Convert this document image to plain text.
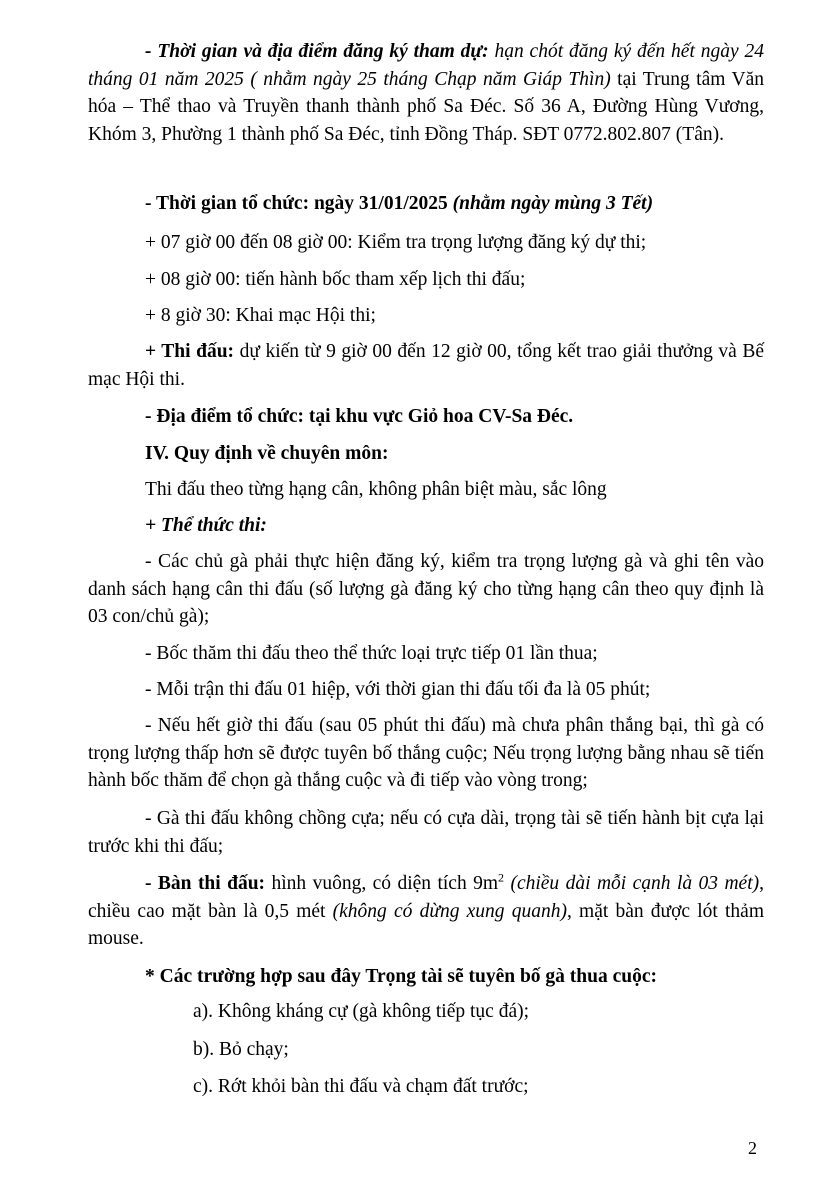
- Thời gian và địa điểm đăng ký tham dự: hạn chót đăng ký đến hết ngày 24 tháng 01 năm 2025 ( nhằm ngày 25 tháng Chạp năm Giáp Thìn) tại Trung tâm Văn hóa – Thể thao và Truyền thanh thành phố Sa Đéc. Số 36 A, Đường Hùng Vương, Khóm 3, Phường 1 thành phố Sa Đéc, tỉnh Đồng Tháp. SĐT 0772.802.807 (Tân).

- Thời gian tổ chức: ngày 31/01/2025 (nhằm ngày mùng 3 Tết)

+ 07 giờ 00 đến 08 giờ 00: Kiểm tra trọng lượng đăng ký dự thi;

+ 08 giờ 00: tiến hành bốc tham xếp lịch thi đấu;

+ 8 giờ 30: Khai mạc Hội thi;

+ Thi đấu: dự kiến từ 9 giờ 00 đến 12 giờ 00, tổng kết trao giải thưởng và Bế mạc Hội thi.

- Địa điểm tổ chức: tại khu vực Giỏ hoa CV-Sa Đéc.

IV. Quy định về chuyên môn:

Thi đấu theo từng hạng cân, không phân biệt màu, sắc lông

+ Thể thức thi:

- Các chủ gà phải thực hiện đăng ký, kiểm tra trọng lượng gà và ghi tên vào danh sách hạng cân thi đấu (số lượng gà đăng ký cho từng hạng cân theo quy định là 03 con/chủ gà);

- Bốc thăm thi đấu theo thể thức loại trực tiếp 01 lần thua;

- Mỗi trận thi đấu 01 hiệp, với thời gian thi đấu tối đa là 05 phút;

- Nếu hết giờ thi đấu (sau 05 phút thi đấu) mà chưa phân thắng bại, thì gà có trọng lượng thấp hơn sẽ được tuyên bố thắng cuộc; Nếu trọng lượng bằng nhau sẽ tiến hành bốc thăm để chọn gà thắng cuộc và đi tiếp vào vòng trong;

- Gà thi đấu không chồng cựa; nếu có cựa dài, trọng tài sẽ tiến hành bịt cựa lại trước khi thi đấu;

- Bàn thi đấu: hình vuông, có diện tích $9m^2$ (chiều dài mỗi cạnh là 03 mét), chiều cao mặt bàn là 0,5 mét (không có dừng xung quanh), mặt bàn được lót thảm mouse.

* Các trường hợp sau đây Trọng tài sẽ tuyên bố gà thua cuộc:

a). Không kháng cự (gà không tiếp tục đá);

b). Bỏ chạy;

c). Rớt khỏi bàn thi đấu và chạm đất trước;

2
